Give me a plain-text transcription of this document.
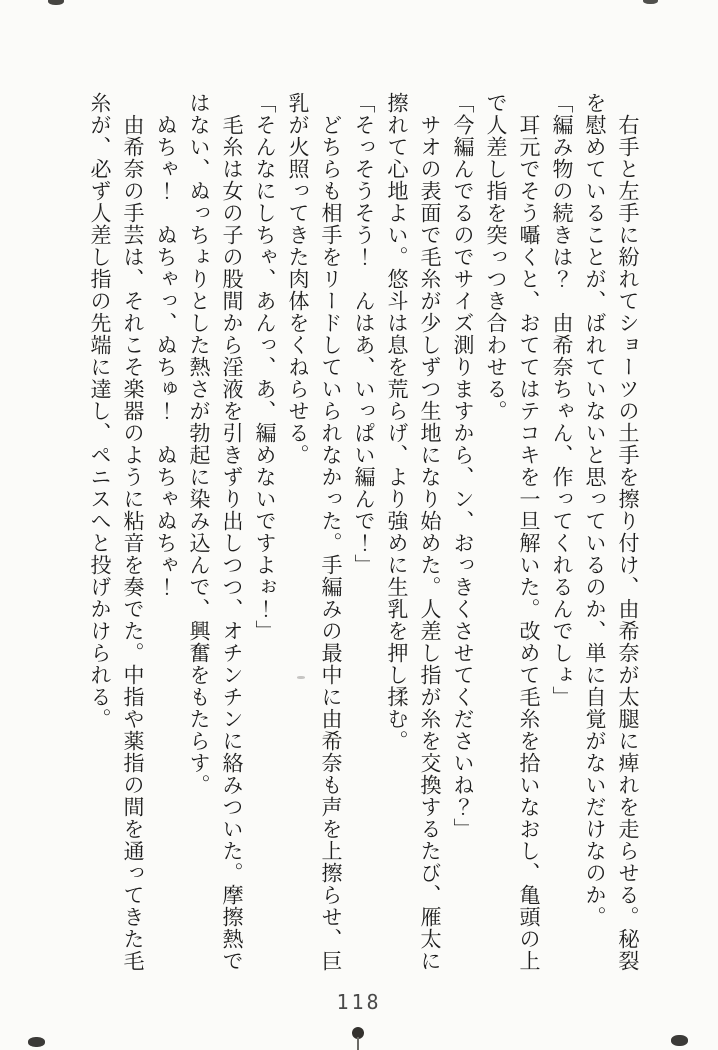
　右手と左手に紛れてショーツの土手を擦り付け、由希奈が太腿に痺れを走らせる。秘裂を慰めていることが、ばれていないと思っているのか、単に自覚がないだけなのか。

「編み物の続きは？　由希奈ちゃん、作ってくれるんでしょ」

　耳元でそう囁くと、おててはテコキを一旦解いた。改めて毛糸を拾いなおし、亀頭の上で人差し指を突っつき合わせる。

「今編んでるのでサイズ測りますから、ン、おっきくさせてくださいね？」

　サオの表面で毛糸が少しずつ生地になり始めた。人差し指が糸を交換するたび、雁太に擦れて心地よい。悠斗は息を荒らげ、より強めに生乳を押し揉む。

「そっそうそう！　んはあ、いっぱい編んで！」

　どちらも相手をリードしていられなかった。手編みの最中に由希奈も声を上擦らせ、巨乳が火照ってきた肉体をくねらせる。

「そんなにしちゃ、あんっ、あ、編めないですよぉ！」

　毛糸は女の子の股間から淫液を引きずり出しつつ、オチンチンに絡みついた。摩擦熱ではない、ぬっちょりとした熱さが勃起に染み込んで、興奮をもたらす。

　ぬちゃ！　ぬちゃっ、ぬちゅ！　ぬちゃぬちゃ！

　由希奈の手芸は、それこそ楽器のように粘音を奏でた。中指や薬指の間を通ってきた毛糸が、必ず人差し指の先端に達し、ペニスへと投げかけられる。

118
